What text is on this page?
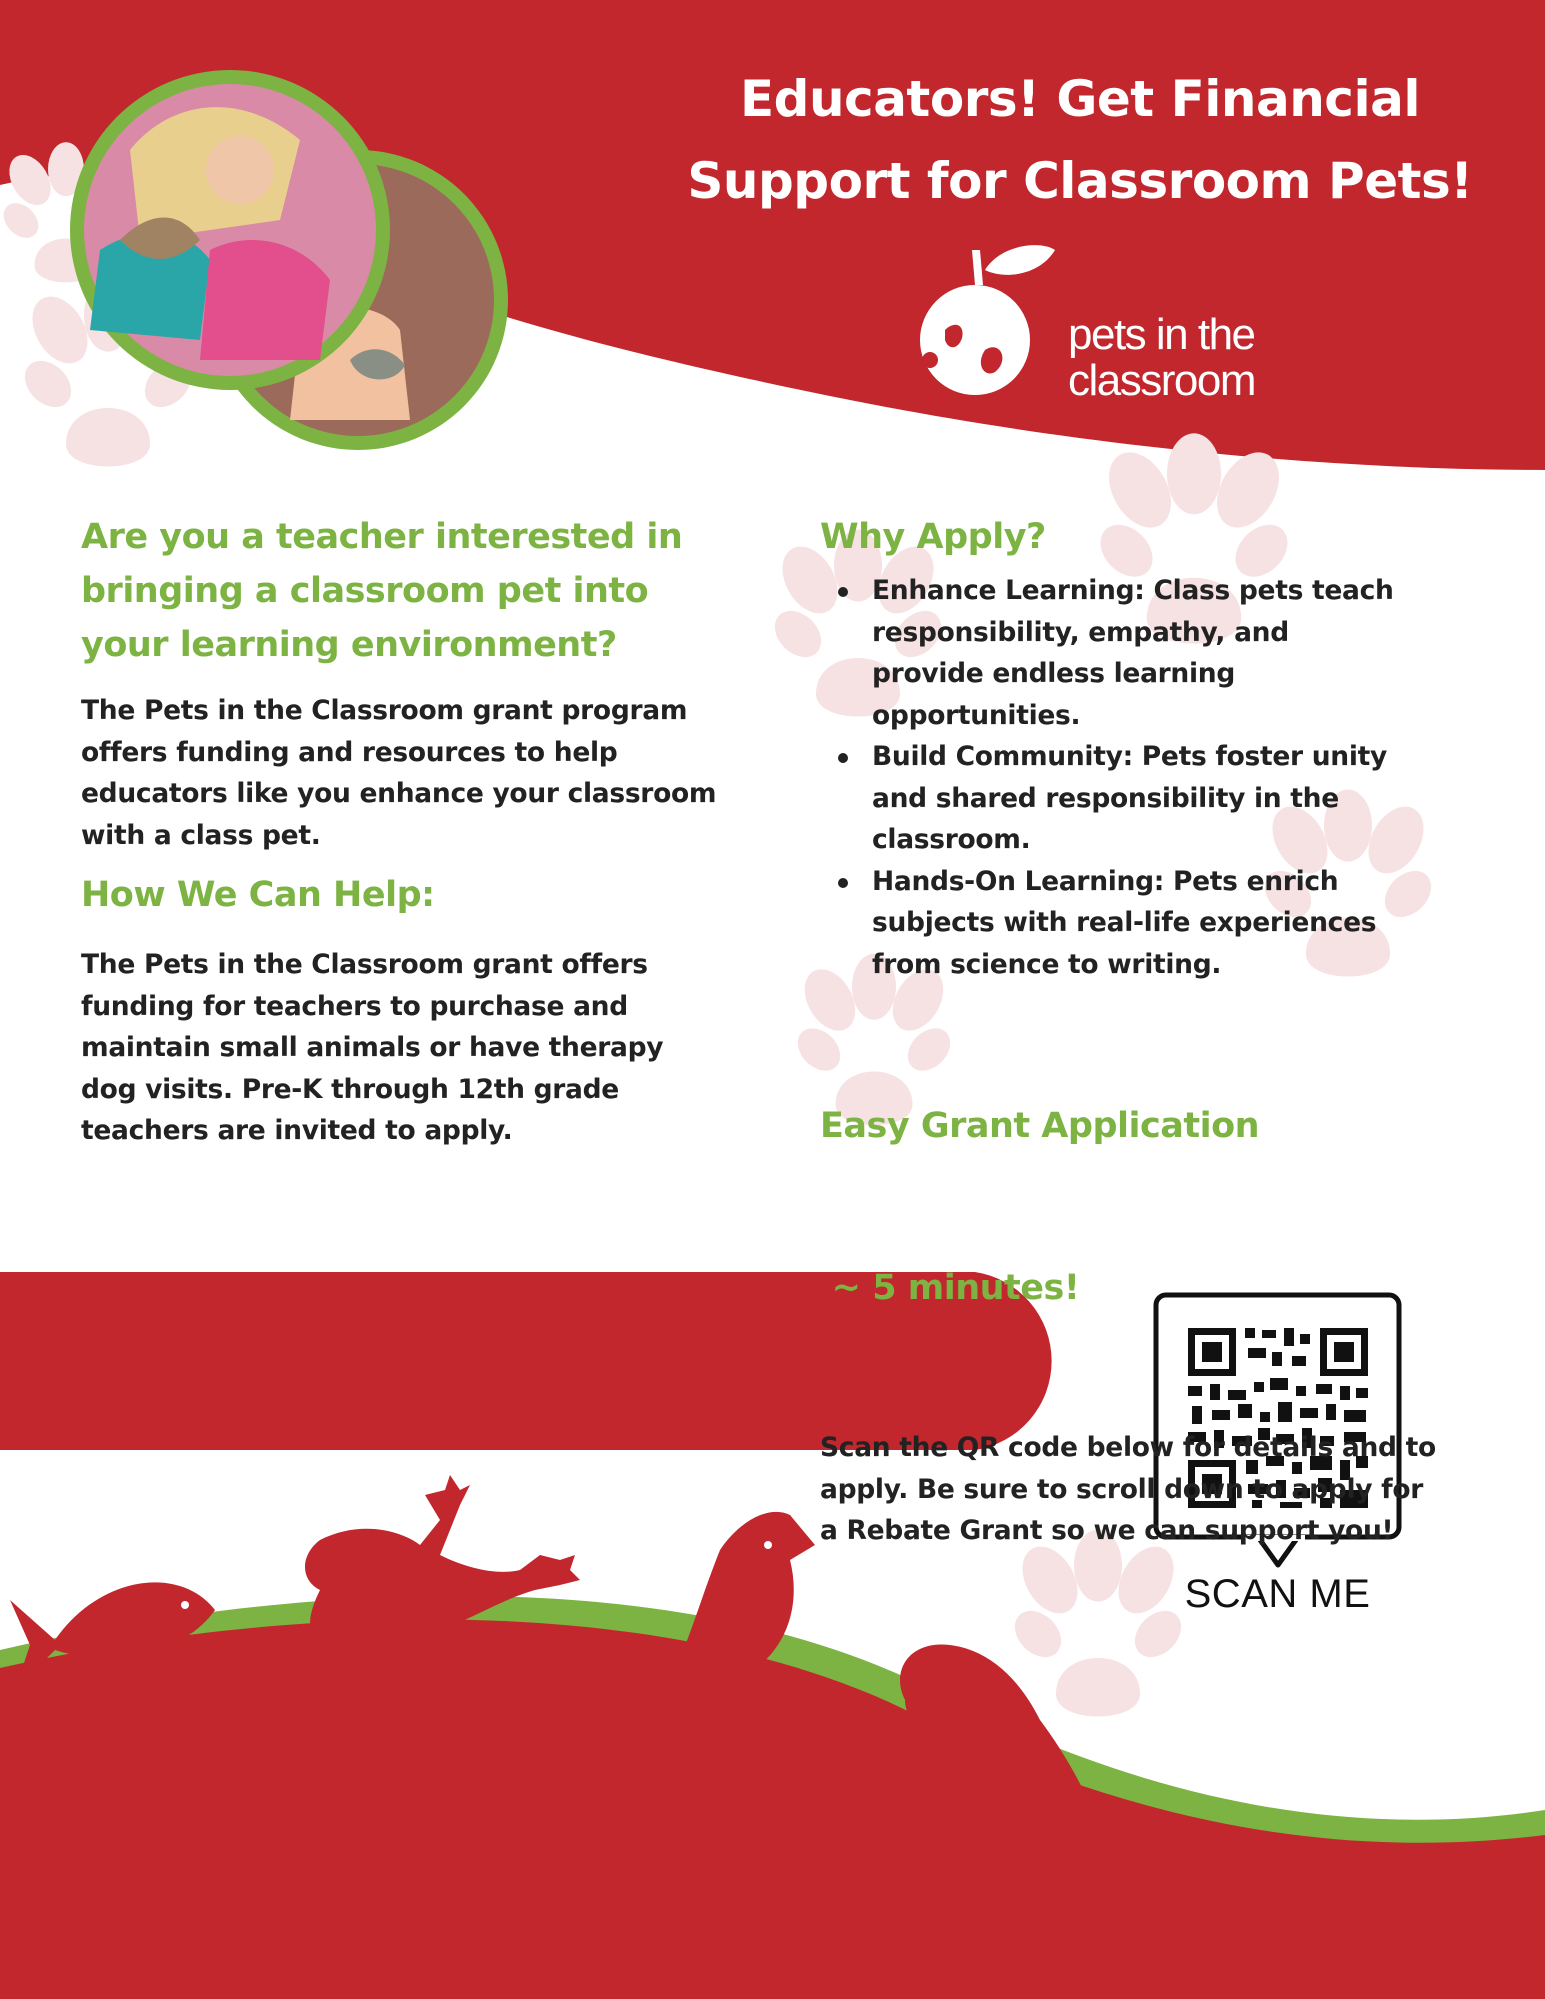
Educators! Get Financial
Support for Classroom Pets!
pets in the
classroom
Are you a teacher interested in
bringing a classroom pet into
your learning environment?

The Pets in the Classroom grant program
offers funding and resources to help
educators like you enhance your classroom
with a class pet.

How We Can Help:

The Pets in the Classroom grant offers
funding for teachers to purchase and
maintain small animals or have therapy
dog visits. Pre-K through 12th grade
teachers are invited to apply.

Why Apply?
Enhance Learning: Class pets teach
responsibility, empathy, and
provide endless learning
opportunities.
Build Community: Pets foster unity
and shared responsibility in the
classroom.
Hands-On Learning: Pets enrich
subjects with real-life experiences
from science to writing.

Easy Grant Application

~ 5 minutes!

Scan the QR code below for details and to
apply. Be sure to scroll down to apply for
a Rebate Grant so we can support you!

SCAN ME
